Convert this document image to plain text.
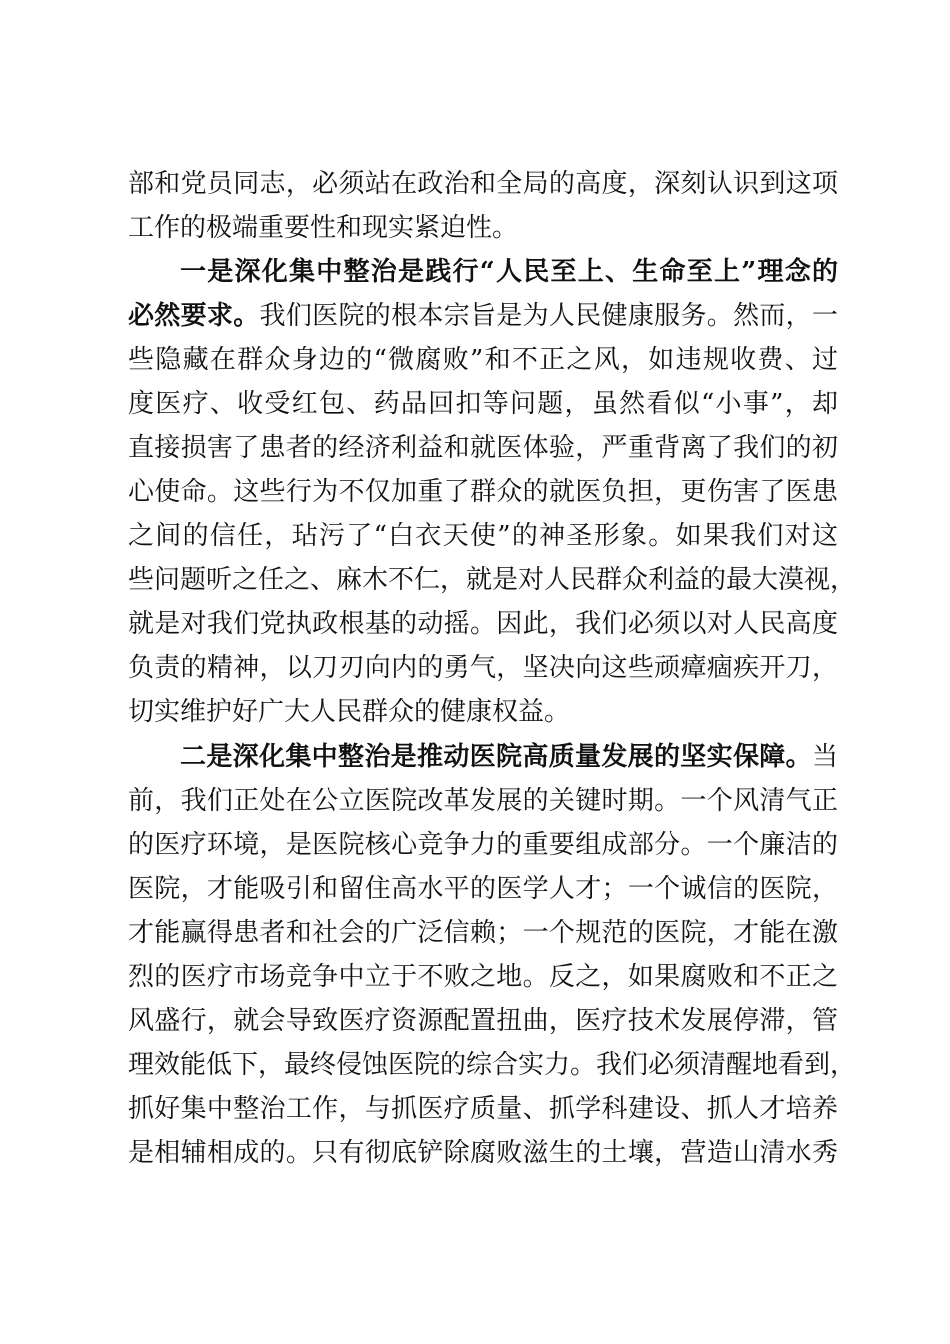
部和党员同志，必须站在政治和全局的高度，深刻认识到这项
工作的极端重要性和现实紧迫性。
一是深化集中整治是践行“人民至上、生命至上”理念的
必然要求。我们医院的根本宗旨是为人民健康服务。然而，一
些隐藏在群众身边的“微腐败”和不正之风，如违规收费、过
度医疗、收受红包、药品回扣等问题，虽然看似“小事”，却
直接损害了患者的经济利益和就医体验，严重背离了我们的初
心使命。这些行为不仅加重了群众的就医负担，更伤害了医患
之间的信任，玷污了“白衣天使”的神圣形象。如果我们对这
些问题听之任之、麻木不仁，就是对人民群众利益的最大漠视，
就是对我们党执政根基的动摇。因此，我们必须以对人民高度
负责的精神，以刀刃向内的勇气，坚决向这些顽瘴痼疾开刀，
切实维护好广大人民群众的健康权益。
二是深化集中整治是推动医院高质量发展的坚实保障。当
前，我们正处在公立医院改革发展的关键时期。一个风清气正
的医疗环境，是医院核心竞争力的重要组成部分。一个廉洁的
医院，才能吸引和留住高水平的医学人才；一个诚信的医院，
才能赢得患者和社会的广泛信赖；一个规范的医院，才能在激
烈的医疗市场竞争中立于不败之地。反之，如果腐败和不正之
风盛行，就会导致医疗资源配置扭曲，医疗技术发展停滞，管
理效能低下，最终侵蚀医院的综合实力。我们必须清醒地看到，
抓好集中整治工作，与抓医疗质量、抓学科建设、抓人才培养
是相辅相成的。只有彻底铲除腐败滋生的土壤，营造山清水秀
